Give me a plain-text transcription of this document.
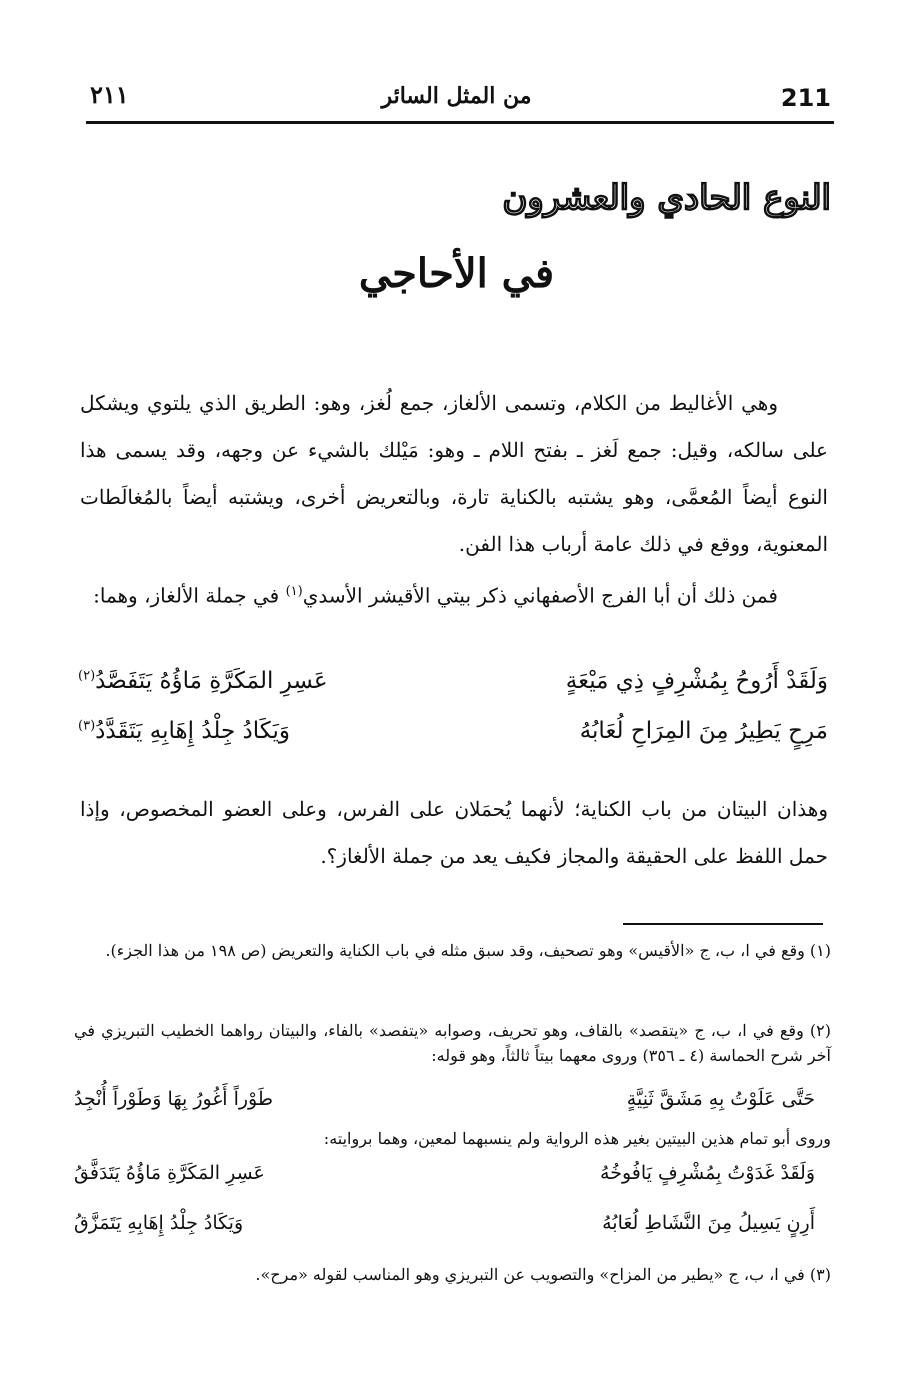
211
من المثل السائر
٢١١
النوع الحادي والعشرون
في الأحاجي
وهي الأغاليط من الكلام، وتسمى الألغاز، جمع لُغز، وهو: الطريق الذي يلتوي ويشكل على سالكه، وقيل: جمع لَغز ـ بفتح اللام ـ وهو: مَيْلك بالشيء عن وجهه، وقد يسمى هذا النوع أيضاً المُعمَّى، وهو يشتبه بالكناية تارة، وبالتعريض أخرى، ويشتبه أيضاً بالمُغالَطات المعنوية، ووقع في ذلك عامة أرباب هذا الفن.
فمن ذلك أن أبا الفرج الأصفهاني ذكر بيتي الأقيشر الأسدي$^{(١)}$ في جملة الألغاز، وهما:
وَلَقَدْ أَرُوحُ بِمُشْرِفٍ ذِي مَيْعَةٍ
عَسِرِ المَكَرَّةِ مَاؤُهُ يَتَفَصَّدُ$^{(٢)}$
مَرِحٍ يَطِيرُ مِنَ المِرَاحِ لُعَابُهُ
وَيَكَادُ جِلْدُ إِهَابِهِ يَتَقَدَّدُ$^{(٣)}$
وهذان البيتان من باب الكناية؛ لأنهما يُحمَلان على الفرس، وعلى العضو المخصوص، وإذا حمل اللفظ على الحقيقة والمجاز فكيف يعد من جملة الألغاز؟.
(١) وقع في ا، ب، ج «الأقيس» وهو تصحيف، وقد سبق مثله في باب الكناية والتعريض (ص ١٩٨ من هذا الجزء).
(٢) وقع في ا، ب، ج «يتقصد» بالقاف، وهو تحريف، وصوابه «يتفصد» بالفاء، والبيتان رواهما الخطيب التبريزي في آخر شرح الحماسة (٤ ـ ٣٥٦) وروى معهما بيتاً ثالثاً، وهو قوله:
حَتَّى عَلَوْتُ بِهِ مَشَقَّ ثَنِيَّةٍ
طَوْراً أَغُورُ بِهَا وَطَوْراً أُنْجِدُ
وروى أبو تمام هذين البيتين بغير هذه الرواية ولم ينسبهما لمعين، وهما بروايته:
وَلَقَدْ غَدَوْتُ بِمُشْرِفٍ يَافُوخُهُ
عَسِرِ المَكَرَّةِ مَاؤُهُ يَتَدَفَّقُ
أَرِنٍ يَسِيلُ مِنَ النَّشَاطِ لُعَابُهُ
وَيَكَادُ جِلْدُ إِهَابِهِ يَتَمَزَّقُ
(٣) في ا، ب، ج «يطير من المزاح» والتصويب عن التبريزي وهو المناسب لقوله «مرح».
